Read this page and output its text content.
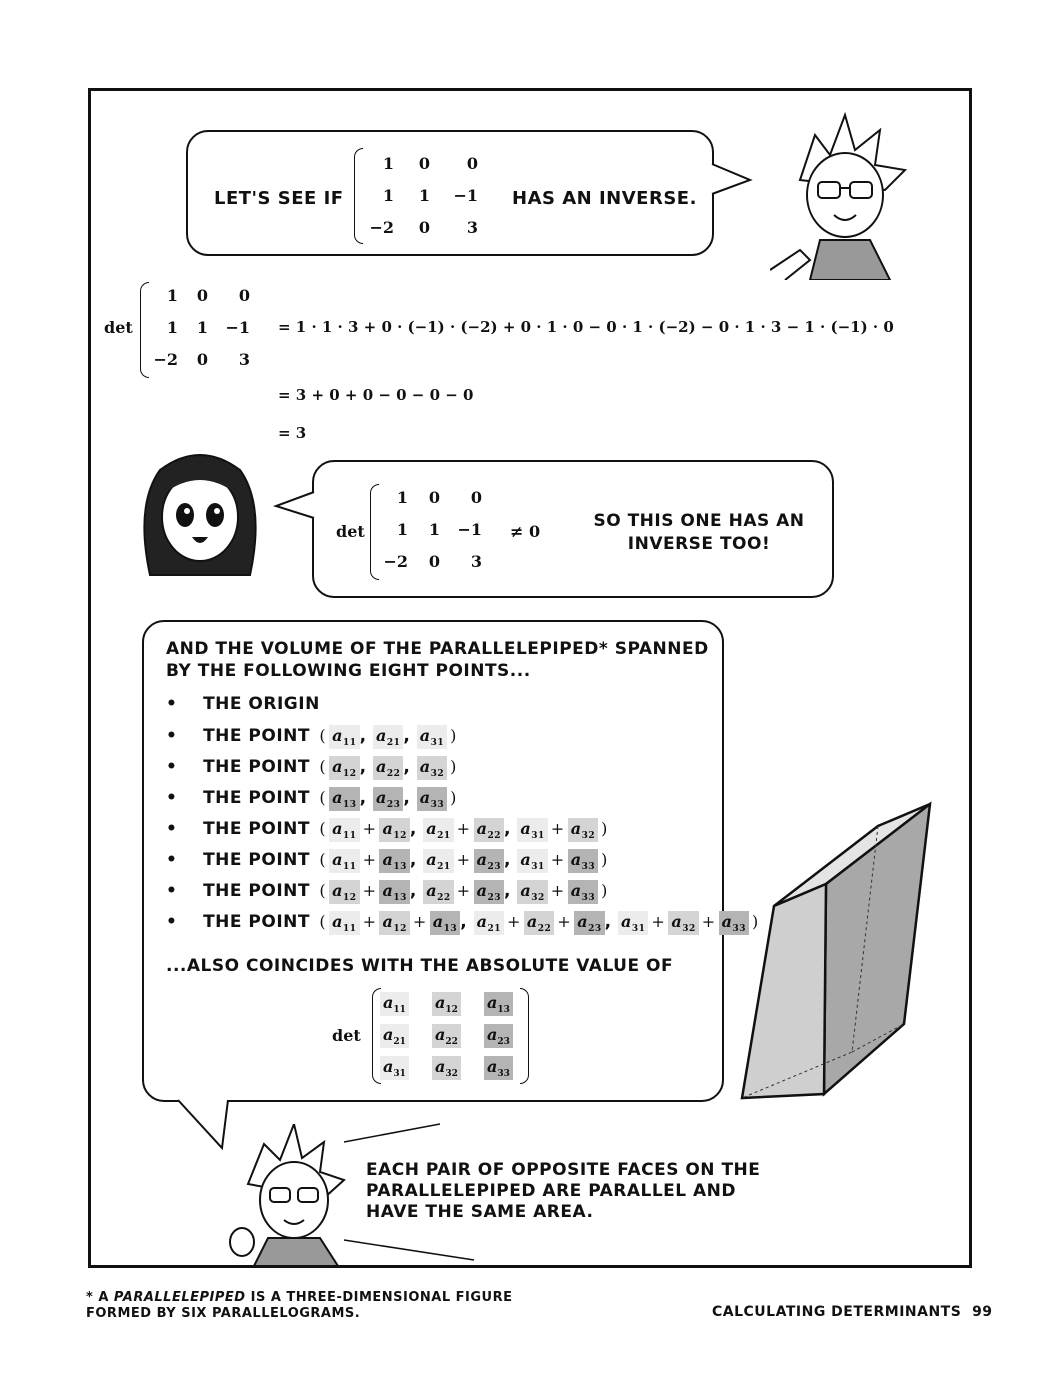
LET'S SEE IF
1	0	0
1	1	−1
−2	0	3
HAS AN INVERSE.
det
1	0	0
1	1	−1
−2	0	3
= 1 · 1 · 3 + 0 · (−1) · (−2) + 0 · 1 · 0 − 0 · 1 · (−2) − 0 · 1 · 3 − 1 · (−1) · 0
= 3 + 0 + 0 − 0 − 0 − 0
= 3
det
1	0	0
1	1	−1
−2	0	3
≠ 0
SO THIS ONE HAS AN INVERSE TOO!
AND THE VOLUME OF THE PARALLELEPIPED* SPANNED BY THE FOLLOWING EIGHT POINTS...
• THE ORIGIN
• THE POINT ( $a_{11}$ , $a_{21}$ , $a_{31}$ )
• THE POINT ( $a_{12}$ , $a_{22}$ , $a_{32}$ )
• THE POINT ( $a_{13}$ , $a_{23}$ , $a_{33}$ )
• THE POINT ( $a_{11} + a_{12}$ , $a_{21} + a_{22}$ , $a_{31} + a_{32}$ )
• THE POINT ( $a_{11} + a_{13}$ , $a_{21} + a_{23}$ , $a_{31} + a_{33}$ )
• THE POINT ( $a_{12} + a_{13}$ , $a_{22} + a_{23}$ , $a_{32} + a_{33}$ )
• THE POINT ( $a_{11} + a_{12} + a_{13}$ , $a_{21} + a_{22} + a_{23}$ , $a_{31} + a_{32} + a_{33}$ )
...ALSO COINCIDES WITH THE ABSOLUTE VALUE OF
det
$a_{11}$ $a_{12}$ $a_{13}$
$a_{21}$ $a_{22}$ $a_{23}$
$a_{31}$ $a_{32}$ $a_{33}$
EACH PAIR OF OPPOSITE FACES ON THE PARALLELEPIPED ARE PARALLEL AND HAVE THE SAME AREA.
* A PARALLELEPIPED IS A THREE-DIMENSIONAL FIGURE FORMED BY SIX PARALLELOGRAMS.	CALCULATING DETERMINANTS 99
